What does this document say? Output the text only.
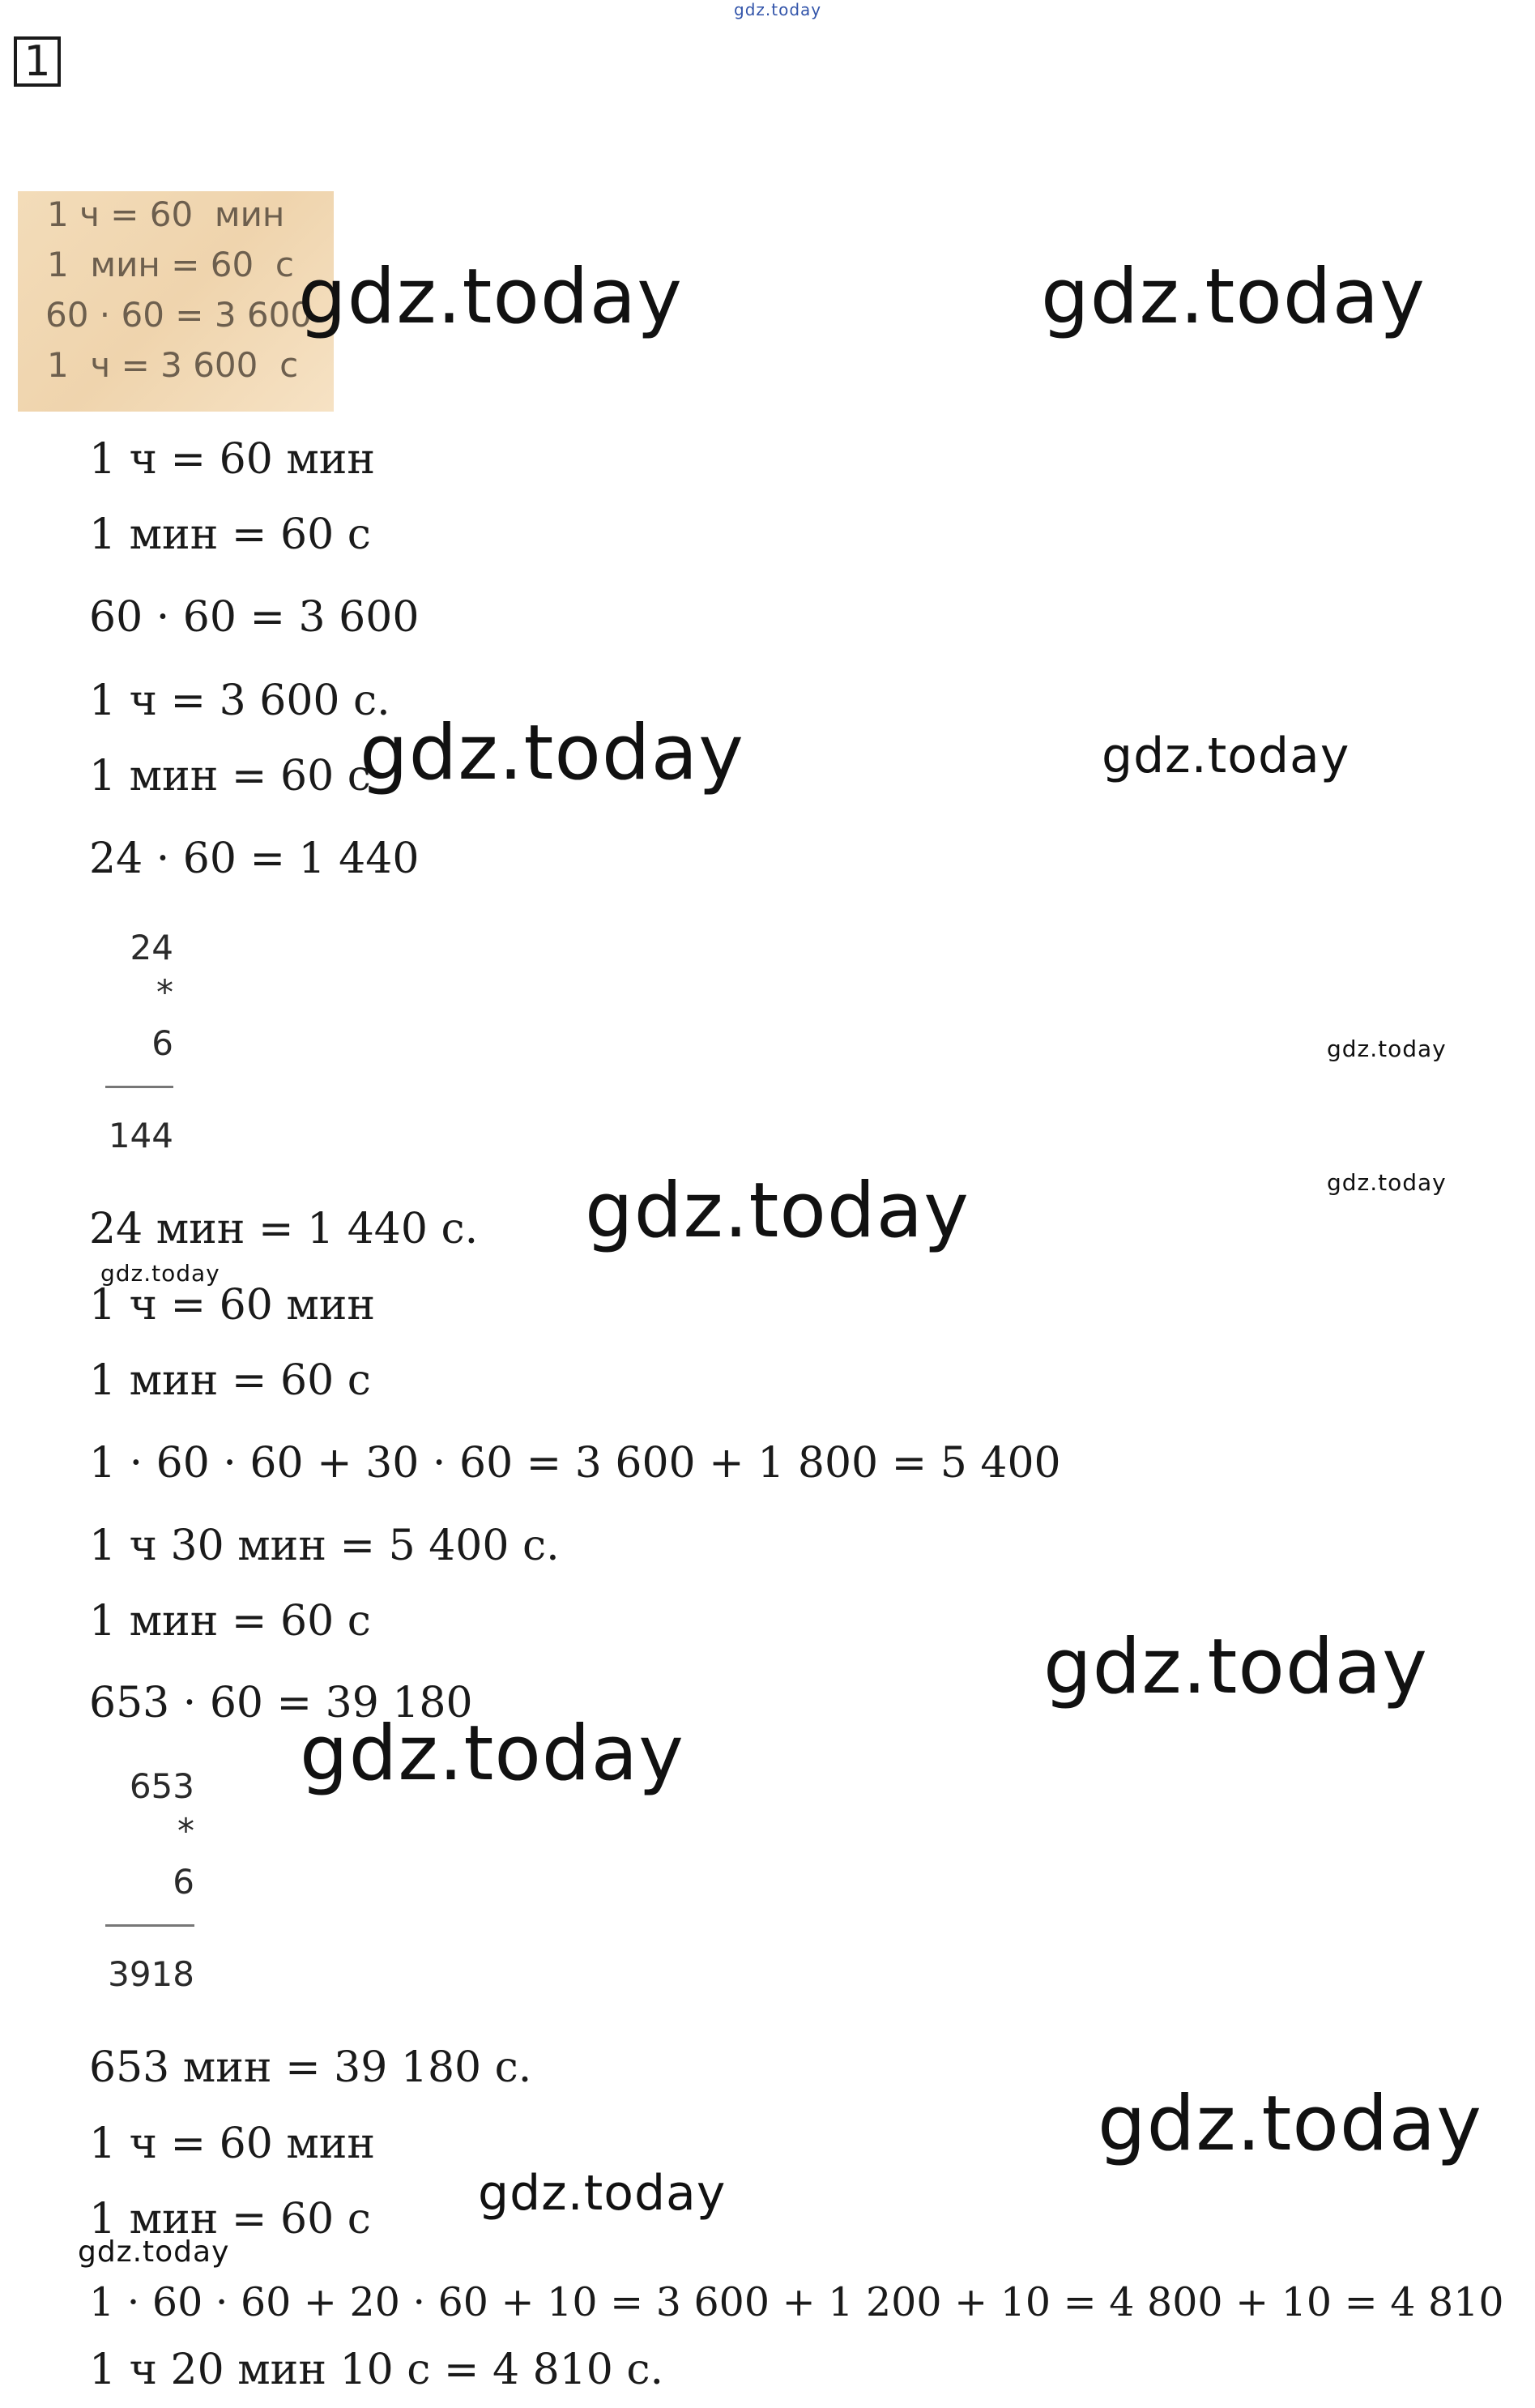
1
gdz.today
1 ч = 60  мин
1  мин = 60  с
60 · 60 = 3 600
1  ч = 3 600  с
1 ч = 60 мин
1 мин = 60 с
60 · 60 = 3 600
1 ч = 3 600 с.
1 мин = 60 с
24 · 60 = 1 440
24
*
6
144
24 мин = 1 440 с.
1 ч = 60 мин
1 мин = 60 с
1 · 60 · 60 + 30 · 60 = 3 600 + 1 800 = 5 400
1 ч 30 мин = 5 400 с.
1 мин = 60 с
653 · 60 = 39 180
653
*
6
3918
653 мин = 39 180 с.
1 ч = 60 мин
1 мин = 60 с
1 · 60 · 60 + 20 · 60 + 10 = 3 600 + 1 200 + 10 = 4 800 + 10 = 4 810
1 ч 20 мин 10 с = 4 810 с.
gdz.today	gdz.today
gdz.today	gdz.today
gdz.today
gdz.today
gdz.today
gdz.today
gdz.today
gdz.today
gdz.today
gdz.today
gdz.today
